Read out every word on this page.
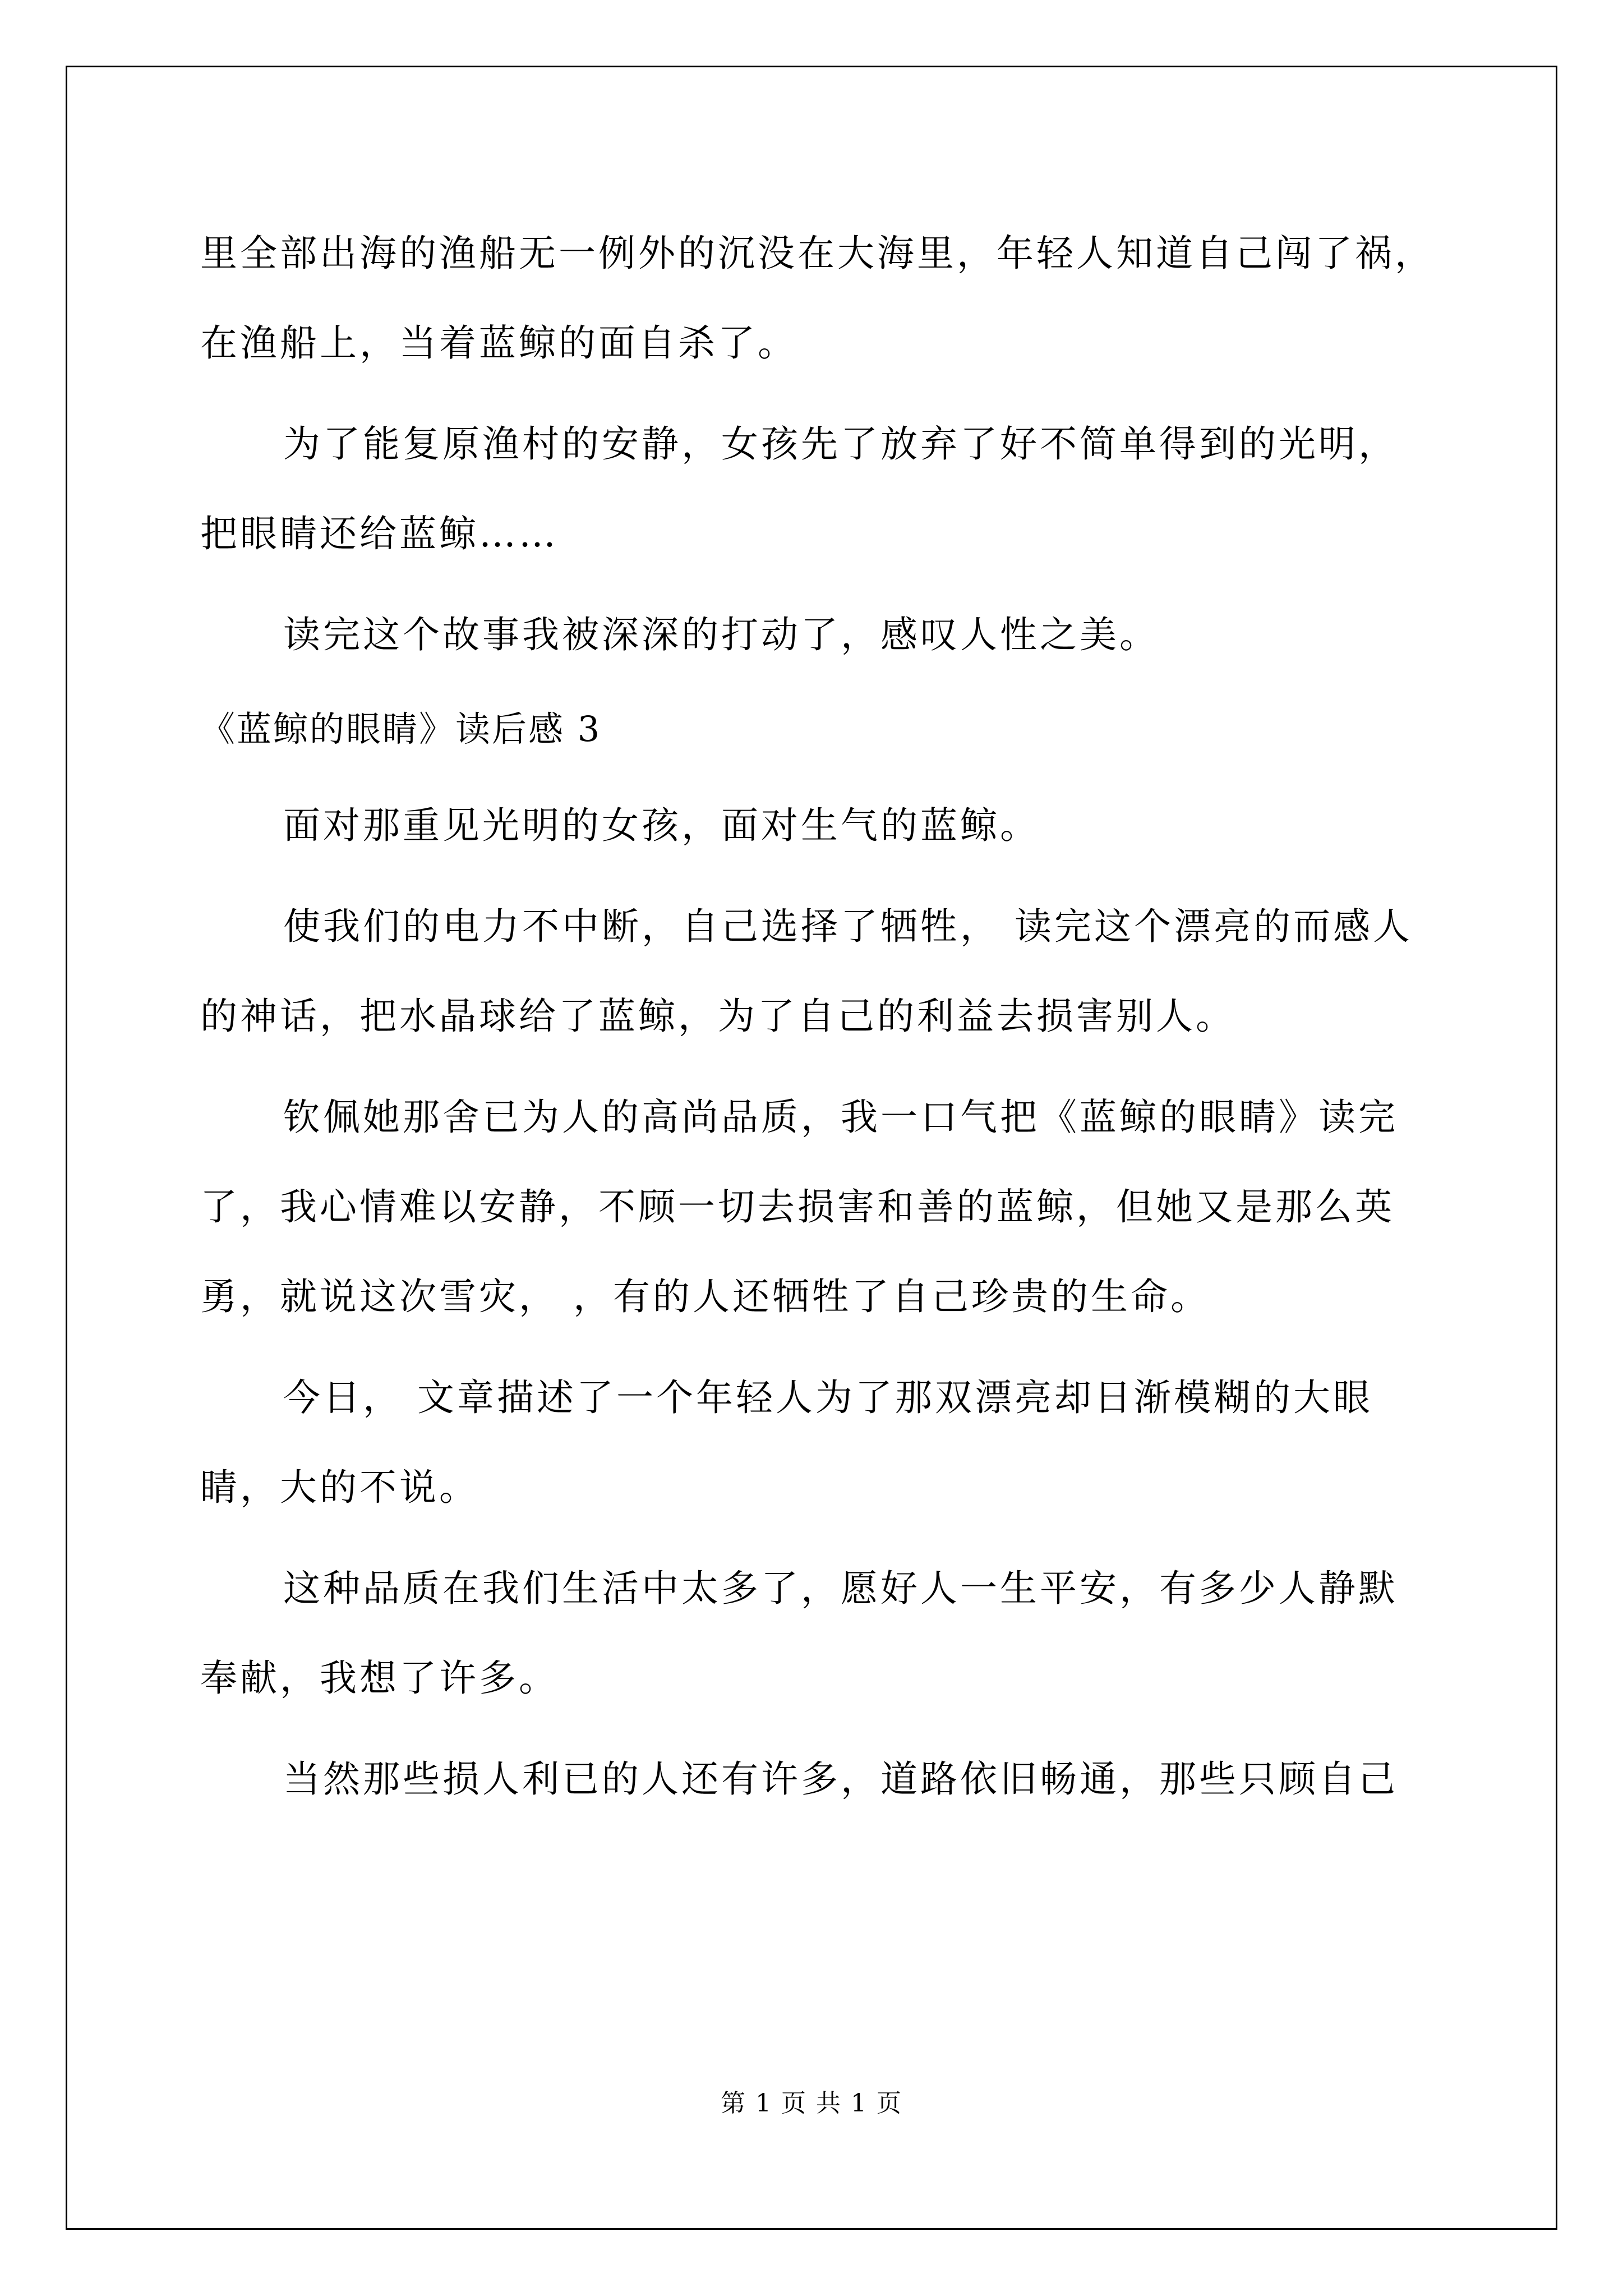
里全部出海的渔船无一例外的沉没在大海里，年轻人知道自己闯了祸，
在渔船上，当着蓝鲸的面自杀了。
为了能复原渔村的安静，女孩先了放弃了好不简单得到的光明，
把眼睛还给蓝鲸……
读完这个故事我被深深的打动了，感叹人性之美。
《蓝鲸的眼睛》读后感 3
面对那重见光明的女孩，面对生气的蓝鲸。
使我们的电力不中断，自己选择了牺牲， 读完这个漂亮的而感人
的神话，把水晶球给了蓝鲸，为了自己的利益去损害别人。
钦佩她那舍已为人的高尚品质，我一口气把《蓝鲸的眼睛》读完
了，我心情难以安静，不顾一切去损害和善的蓝鲸，但她又是那么英
勇，就说这次雪灾， ，有的人还牺牲了自己珍贵的生命。
今日， 文章描述了一个年轻人为了那双漂亮却日渐模糊的大眼
睛，大的不说。
这种品质在我们生活中太多了，愿好人一生平安，有多少人静默
奉献，我想了许多。
当然那些损人利已的人还有许多，道路依旧畅通，那些只顾自己
第 1 页 共 1 页
